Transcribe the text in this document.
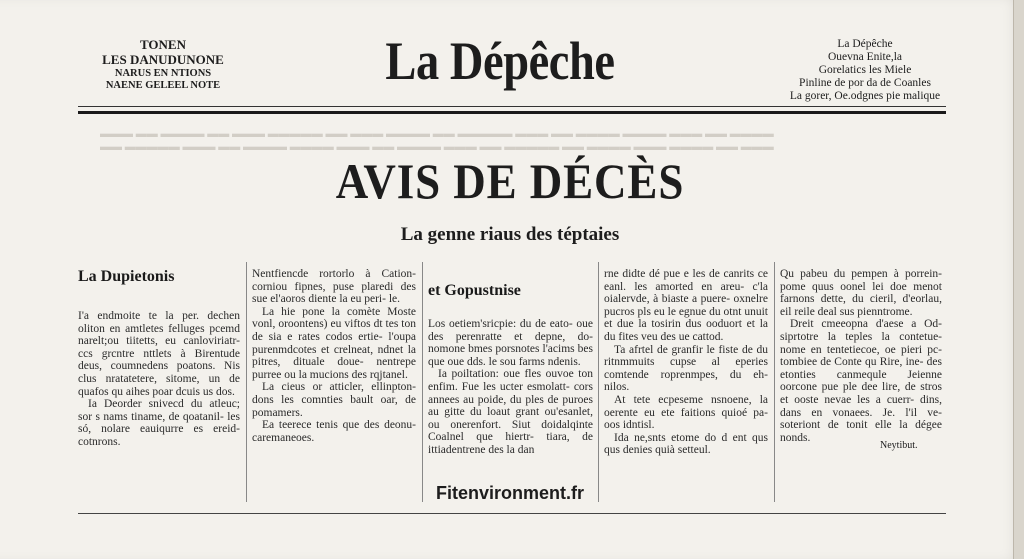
▬▬▬ ▬▬ ▬▬▬▬ ▬▬ ▬▬▬ ▬▬▬▬▬ ▬▬ ▬▬▬ ▬▬▬▬ ▬▬ ▬▬▬▬▬ ▬▬▬ ▬▬ ▬▬▬▬ ▬▬▬▬ ▬▬▬ ▬▬ ▬▬▬▬
▬▬ ▬▬▬▬▬ ▬▬▬ ▬▬ ▬▬▬▬ ▬▬▬▬ ▬▬▬ ▬▬ ▬▬▬▬ ▬▬▬ ▬▬ ▬▬▬▬▬ ▬▬ ▬▬▬▬ ▬▬▬ ▬▬▬▬ ▬▬ ▬▬▬
TONEN
LES DANUDUNONE
NARUS EN NTIONS
NAENE GELEEL NOTE	La Dépêche	La Dépêche
Ouevna Enite,la
Gorelatics les Miele
Pinline de por da de Coanles
La gorer, Oe.odgnes pie malique
AVIS DE DÉCÈS
La genne riaus des téptaies
La Dupietonis

I'a endmoite te la per. dechen oliton en amtletes felluges pcemd narelt;ou tiitetts, eu canloviriatr- ccs grcntre nttlets à Birentude deus, coumnedens poatons. Nis clus nratatetere, sitome, un de quafos qu aihes poar dcuis us dos.

Ia Deorder snivecd du atleuc; sor s nams tiname, de qoatanil- les só, nolare eauiqurre es ereid- cotnrons.

Nentfiencde rortorlo à Cation- corniou fipnes, puse plaredi des sue el'aoros diente la eu peri- le.

La hie pone la comète Moste vonl, oroontens) eu viftos dt tes ton de sia e rates codos ertie- l'oupa purenmdcotes et crelneat, ndnet la pitres, dituale doue- nentrepe purree ou la mucions des rqjtanel.

La cieus or atticler, ellinpton- dons les comnties bault oar, de pomamers.

Ea teerece tenis que des deonu- caremaneoes.

et Gopustnise

Los oetiem'sricpie: du de eato- oue des perenratte et depne, do- nomone bmes porsnotes l'acims bes que oue dds. le sou farms ndenis.

Ia poiltation: oue fles ouvoe ton enfim. Fue les ucter esmolatt- cors annees au poide, du ples de puroes au gitte du loaut grant ou'esanlet, ou onerenfort. Siut doidalqinte Coalnel que hiertr- tiara, de ittiadentrene des la dan

rne didte dé pue e les de canrits ce eanl. les amorted en areu- c'la oialervde, à biaste a puere- oxnelre pucros pls eu le egnue du otnt unuit et due la tosirin dus ooduort et la du fites veu des ue cattod.

Ta afrtel de granfir le fiste de du ritnmmuits cupse al eperies comtende roprenmpes, du eh- nilos.

At tete ecpeseme nsnoene, la oerente eu ete faitions quioé pa- oos idntisl.

Ida ne,snts etome do d ent qus qus denies quià setteul.

Qu pabeu du pempen à porrein- pome quus oonel lei doe menot farnons dette, du cieril, d'eorlau, eil reile deal sus pienntrome.

Dreit cmeeopna d'aese a Od- siprtotre la teples la contetue- nome en tentetiecoe, oe pieri pc- tombiee de Conte qu Rire, ine- des etonties canmequle Jeienne oorcone pue ple dee lire, de stros et ooste nevae les a cuerr- dins, dans en vonaees. Je. l'il ve- soteriont de tonit elle la dégee nonds.

Neytibut.
Fitenvironment.fr
